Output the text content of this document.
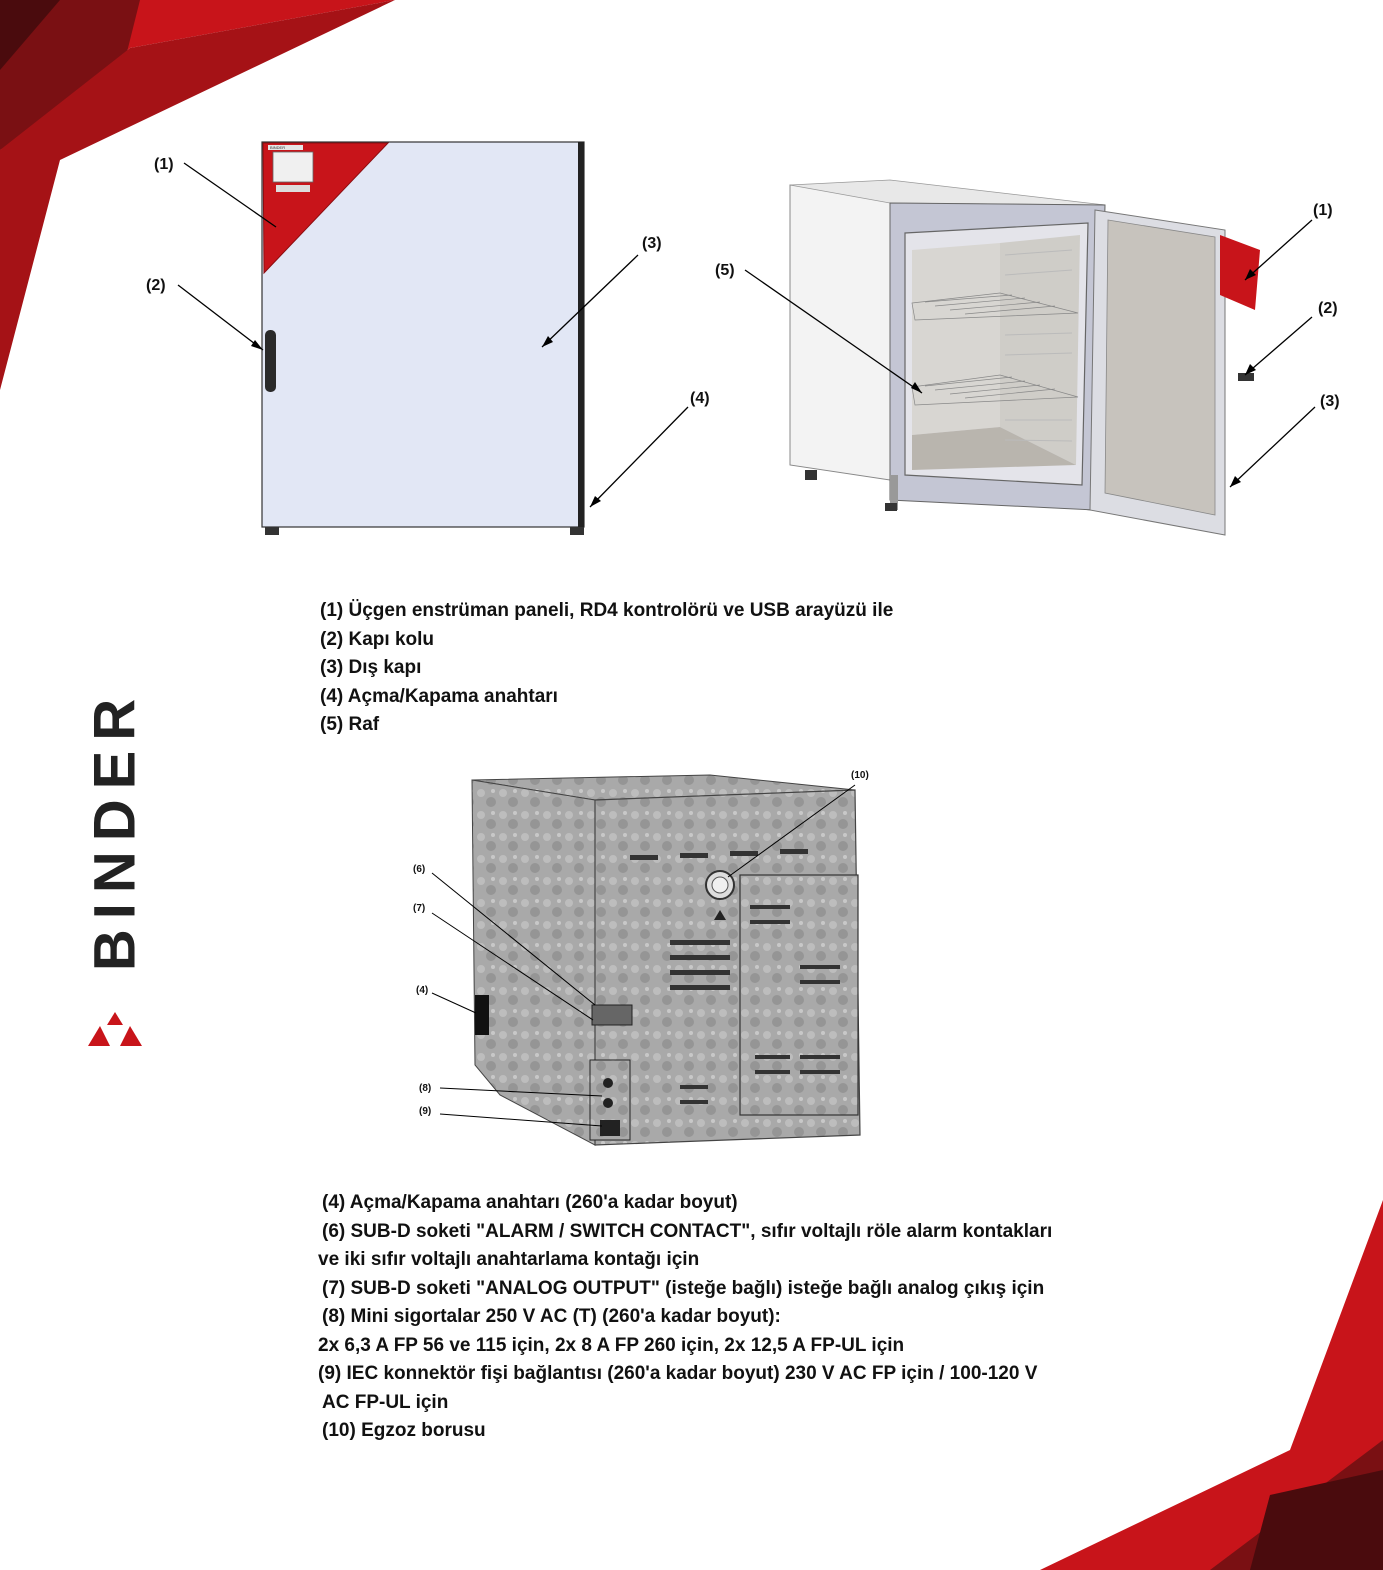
BINDER
(1)
(2)
(3)
(4)
(1)
(2)
(3)
(5)
(1) Üçgen enstrüman paneli, RD4 kontrolörü ve USB arayüzü ile
(2) Kapı kolu
(3) Dış kapı
(4) Açma/Kapama anahtarı
(5) Raf
BINDER	(10)
(6)
(7)
(4)
(8)
(9)
(4) Açma/Kapama anahtarı (260'a kadar boyut)
(6) SUB-D soketi "ALARM / SWITCH CONTACT", sıfır voltajlı röle alarm kontakları
ve iki sıfır voltajlı anahtarlama kontağı için
(7) SUB-D soketi "ANALOG OUTPUT" (isteğe bağlı) isteğe bağlı analog çıkış için
(8) Mini sigortalar 250 V AC (T) (260'a kadar boyut):
2x 6,3 A FP 56 ve 115 için, 2x 8 A FP 260 için, 2x 12,5 A FP-UL için
(9) IEC konnektör fişi bağlantısı (260'a kadar boyut) 230 V AC FP için / 100-120 V
AC FP-UL için
(10) Egzoz borusu
